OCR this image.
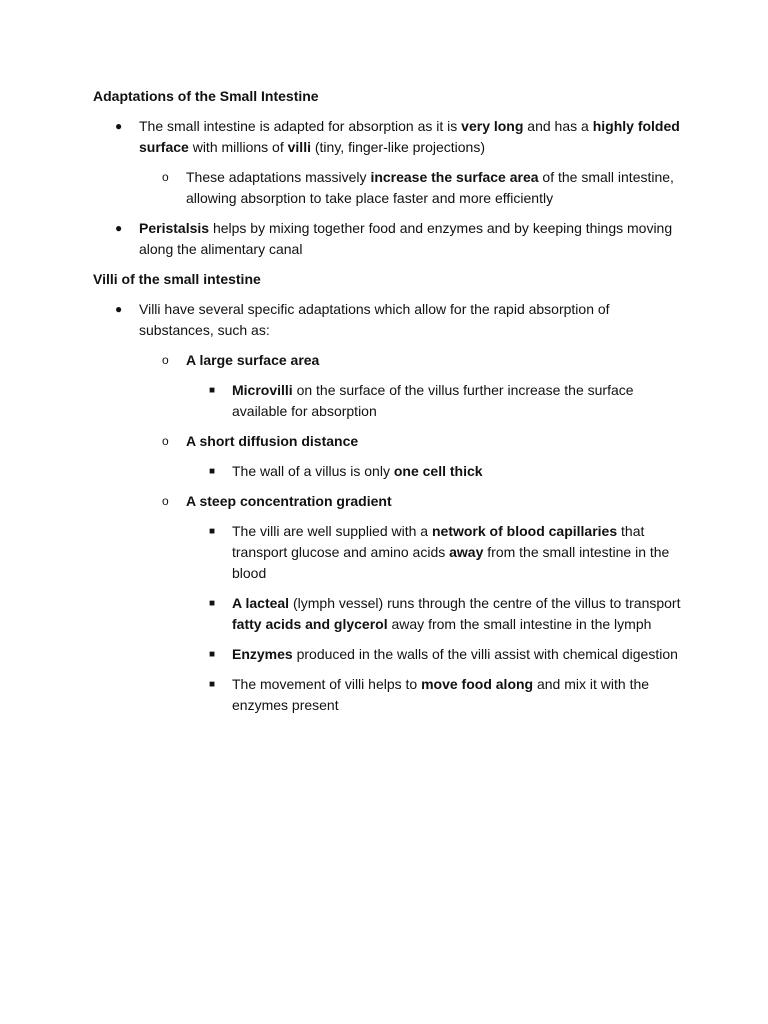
Adaptations of the Small Intestine

● The small intestine is adapted for absorption as it is very long and has a highly folded surface with millions of villi (tiny, finger-like projections)
o These adaptations massively increase the surface area of the small intestine, allowing absorption to take place faster and more efficiently
● Peristalsis helps by mixing together food and enzymes and by keeping things moving along the alimentary canal

Villi of the small intestine

● Villi have several specific adaptations which allow for the rapid absorption of substances, such as:
o A large surface area
■ Microvilli on the surface of the villus further increase the surface available for absorption
o A short diffusion distance
■ The wall of a villus is only one cell thick
o A steep concentration gradient
■ The villi are well supplied with a network of blood capillaries that transport glucose and amino acids away from the small intestine in the blood
■ A lacteal (lymph vessel) runs through the centre of the villus to transport fatty acids and glycerol away from the small intestine in the lymph
■ Enzymes produced in the walls of the villi assist with chemical digestion
■ The movement of villi helps to move food along and mix it with the enzymes present
